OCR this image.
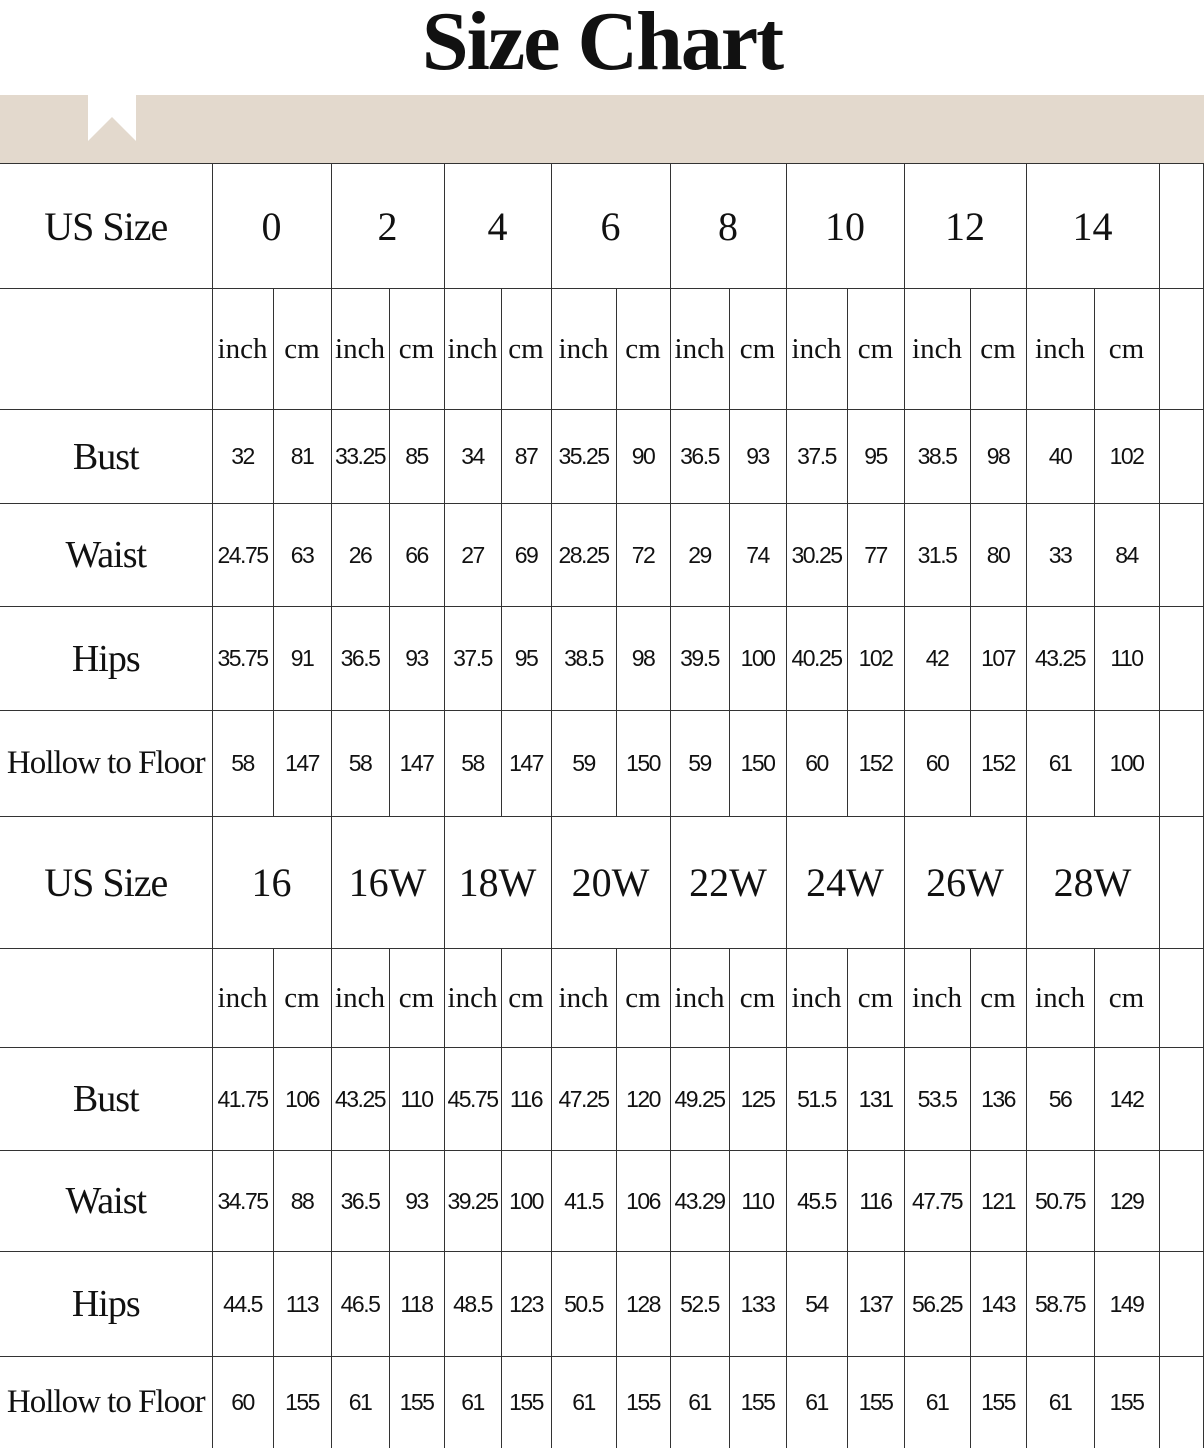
Size Chart
US Size	0		2		4		6		8		10		12		14		
	inch	cm	inch	cm	inch	cm	inch	cm	inch	cm	inch	cm	inch	cm	inch	cm	
Bust	32	81	33.25	85	34	87	35.25	90	36.5	93	37.5	95	38.5	98	40	102	
Waist	24.75	63	26	66	27	69	28.25	72	29	74	30.25	77	31.5	80	33	84	
Hips	35.75	91	36.5	93	37.5	95	38.5	98	39.5	100	40.25	102	42	107	43.25	110	
Hollow to Floor	58	147	58	147	58	147	59	150	59	150	60	152	60	152	61	100	
US Size	16		16W		18W		20W		22W		24W		26W		28W		
	inch	cm	inch	cm	inch	cm	inch	cm	inch	cm	inch	cm	inch	cm	inch	cm	
Bust	41.75	106	43.25	110	45.75	116	47.25	120	49.25	125	51.5	131	53.5	136	56	142	
Waist	34.75	88	36.5	93	39.25	100	41.5	106	43.29	110	45.5	116	47.75	121	50.75	129	
Hips	44.5	113	46.5	118	48.5	123	50.5	128	52.5	133	54	137	56.25	143	58.75	149	
Hollow to Floor	60	155	61	155	61	155	61	155	61	155	61	155	61	155	61	155	
